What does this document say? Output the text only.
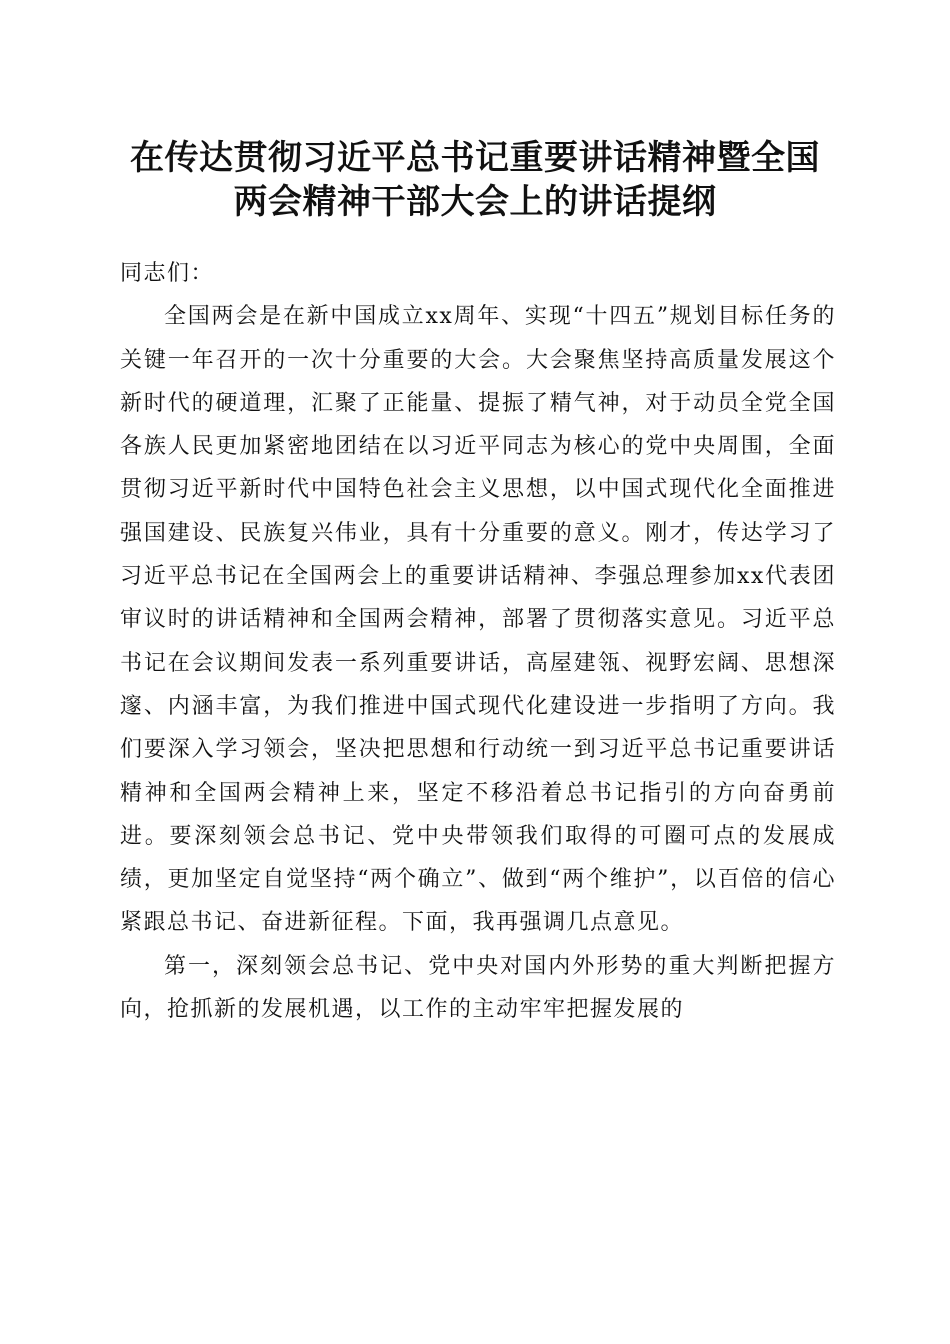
在传达贯彻习近平总书记重要讲话精神暨全国
两会精神干部大会上的讲话提纲

同志们：

全国两会是在新中国成立xx周年、实现“十四五”规划目标任务的关键一年召开的一次十分重要的大会。大会聚焦坚持高质量发展这个新时代的硬道理，汇聚了正能量、提振了精气神，对于动员全党全国各族人民更加紧密地团结在以习近平同志为核心的党中央周围，全面贯彻习近平新时代中国特色社会主义思想，以中国式现代化全面推进强国建设、民族复兴伟业，具有十分重要的意义。刚才，传达学习了习近平总书记在全国两会上的重要讲话精神、李强总理参加xx代表团审议时的讲话精神和全国两会精神，部署了贯彻落实意见。习近平总书记在会议期间发表一系列重要讲话，高屋建瓴、视野宏阔、思想深邃、内涵丰富，为我们推进中国式现代化建设进一步指明了方向。我们要深入学习领会，坚决把思想和行动统一到习近平总书记重要讲话精神和全国两会精神上来，坚定不移沿着总书记指引的方向奋勇前进。要深刻领会总书记、党中央带领我们取得的可圈可点的发展成绩，更加坚定自觉坚持“两个确立”、做到“两个维护”，以百倍的信心紧跟总书记、奋进新征程。下面，我再强调几点意见。

第一，深刻领会总书记、党中央对国内外形势的重大判断把握方向，抢抓新的发展机遇，以工作的主动牢牢把握发展的
